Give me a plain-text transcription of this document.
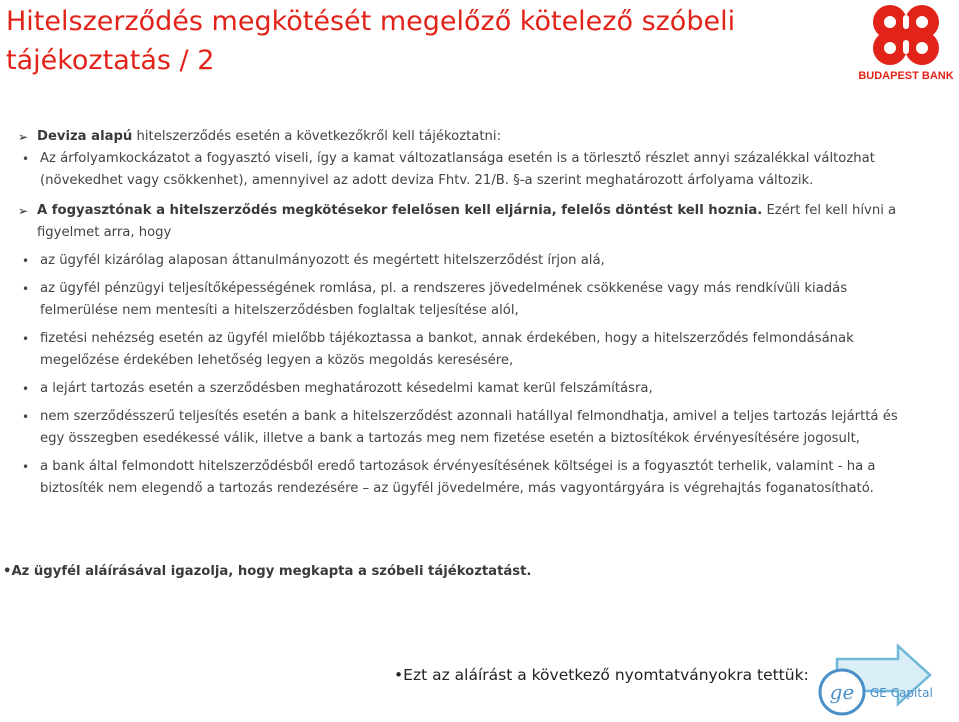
Hitelszerződés megkötését megelőző kötelező szóbeli tájékoztatás / 2	BUDAPEST BANK
➢ Deviza alapú hitelszerződés esetén a következőkről kell tájékoztatni:
• Az árfolyamkockázatot a fogyasztó viseli, így a kamat változatlansága esetén is a törlesztő részlet annyi százalékkal változhat (növekedhet vagy csökkenhet), amennyivel az adott deviza Fhtv. 21/B. §-a szerint meghatározott árfolyama változik.
➢ A fogyasztónak a hitelszerződés megkötésekor felelősen kell eljárnia, felelős döntést kell hoznia. Ezért fel kell hívni a figyelmet arra, hogy
• az ügyfél kizárólag alaposan áttanulmányozott és megértett hitelszerződést írjon alá,
• az ügyfél pénzügyi teljesítőképességének romlása, pl. a rendszeres jövedelmének csökkenése vagy más rendkívüli kiadás felmerülése nem mentesíti a hitelszerződésben foglaltak teljesítése alól,
• fizetési nehézség esetén az ügyfél mielőbb tájékoztassa a bankot, annak érdekében, hogy a hitelszerződés felmondásának megelőzése érdekében lehetőség legyen a közös megoldás keresésére,
• a lejárt tartozás esetén a szerződésben meghatározott késedelmi kamat kerül felszámításra,
• nem szerződésszerű teljesítés esetén a bank a hitelszerződést azonnali hatállyal felmondhatja, amivel a teljes tartozás lejárttá és egy összegben esedékessé válik, illetve a bank a tartozás meg nem fizetése esetén a biztosítékok érvényesítésére jogosult,
• a bank által felmondott hitelszerződésből eredő tartozások érvényesítésének költségei is a fogyasztót terhelik, valamint - ha a biztosíték nem elegendő a tartozás rendezésére – az ügyfél jövedelmére, más vagyontárgyára is végrehajtás foganatosítható.
•Az ügyfél aláírásával igazolja, hogy megkapta a szóbeli tájékoztatást.
•Ezt az aláírást a következő nyomtatványokra tettük:
ge GE Capital
